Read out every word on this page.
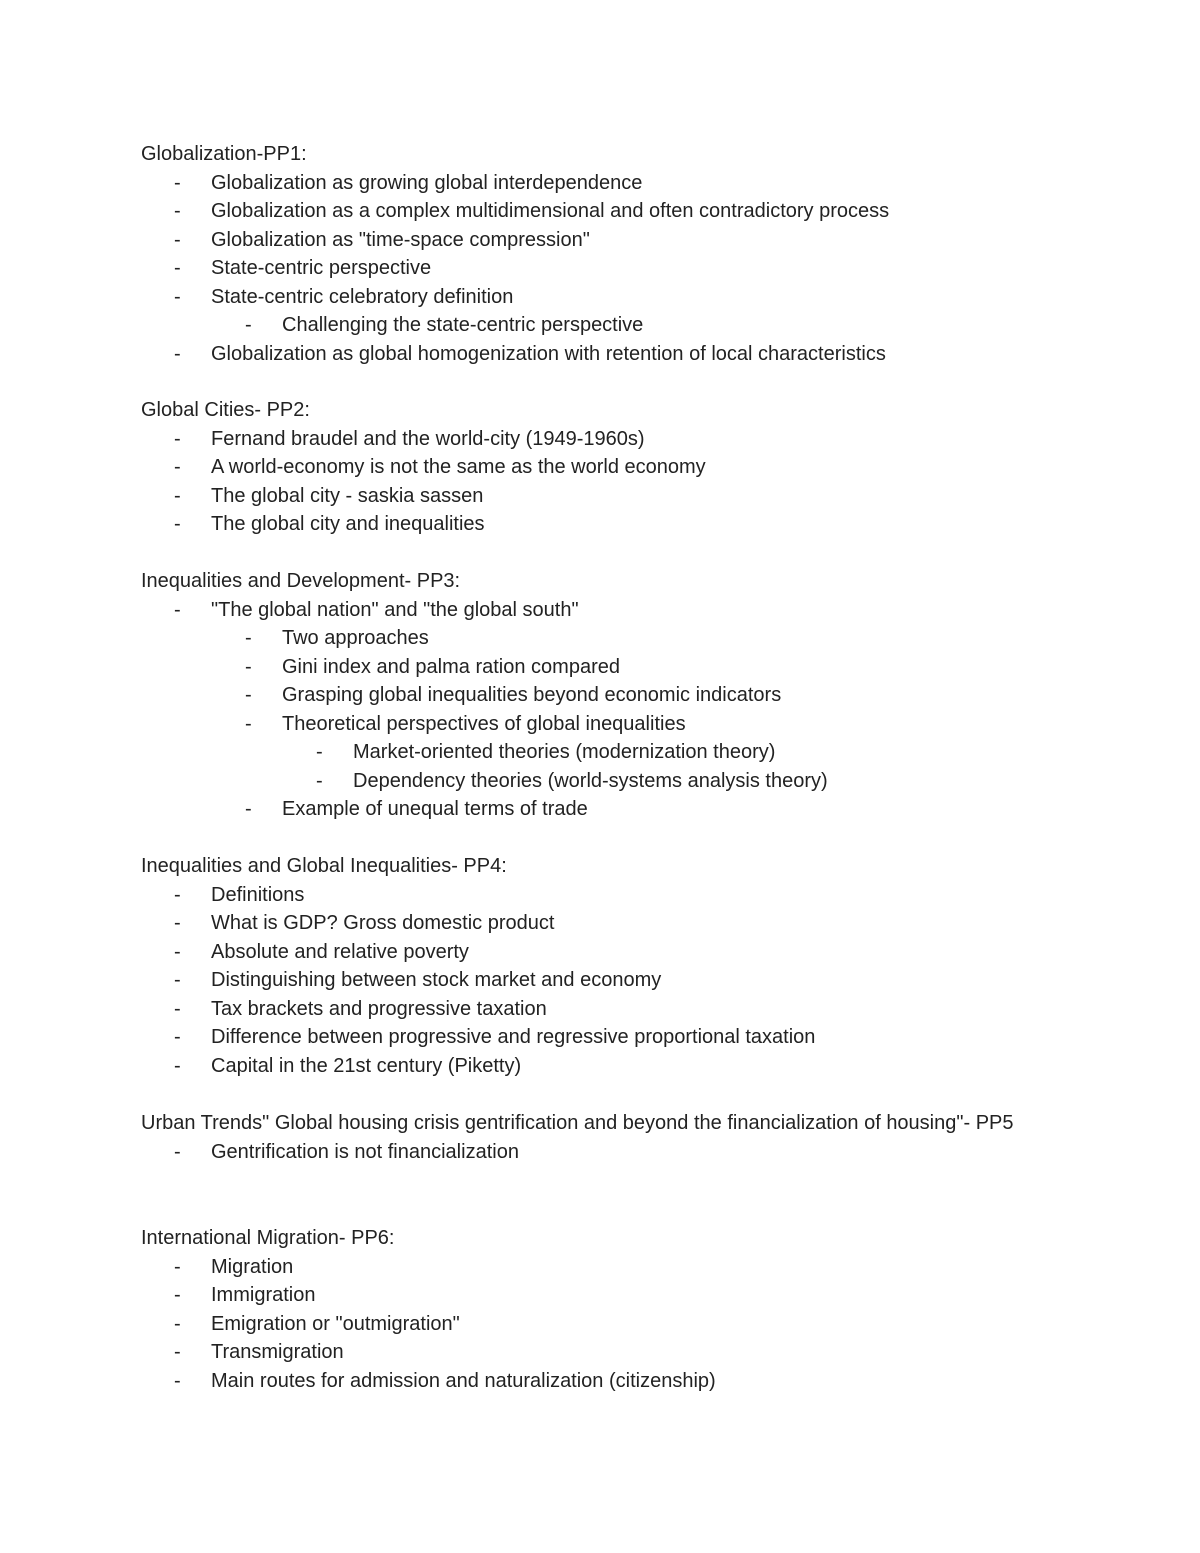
Globalization-PP1:
- Globalization as growing global interdependence
- Globalization as a complex multidimensional and often contradictory process
- Globalization as "time-space compression"
- State-centric perspective
- State-centric celebratory definition
- Challenging the state-centric perspective
- Globalization as global homogenization with retention of local characteristics
Global Cities- PP2:
- Fernand braudel and the world-city (1949-1960s)
- A world-economy is not the same as the world economy
- The global city - saskia sassen
- The global city and inequalities
Inequalities and Development- PP3:
- "The global nation" and "the global south"
- Two approaches
- Gini index and palma ration compared
- Grasping global inequalities beyond economic indicators
- Theoretical perspectives of global inequalities
- Market-oriented theories (modernization theory)
- Dependency theories (world-systems analysis theory)
- Example of unequal terms of trade
Inequalities and Global Inequalities- PP4:
- Definitions
- What is GDP? Gross domestic product
- Absolute and relative poverty
- Distinguishing between stock market and economy
- Tax brackets and progressive taxation
- Difference between progressive and regressive proportional taxation
- Capital in the 21st century (Piketty)
Urban Trends" Global housing crisis gentrification and beyond the financialization of housing"- PP5
- Gentrification is not financialization
International Migration- PP6:
- Migration
- Immigration
- Emigration or "outmigration"
- Transmigration
- Main routes for admission and naturalization (citizenship)
